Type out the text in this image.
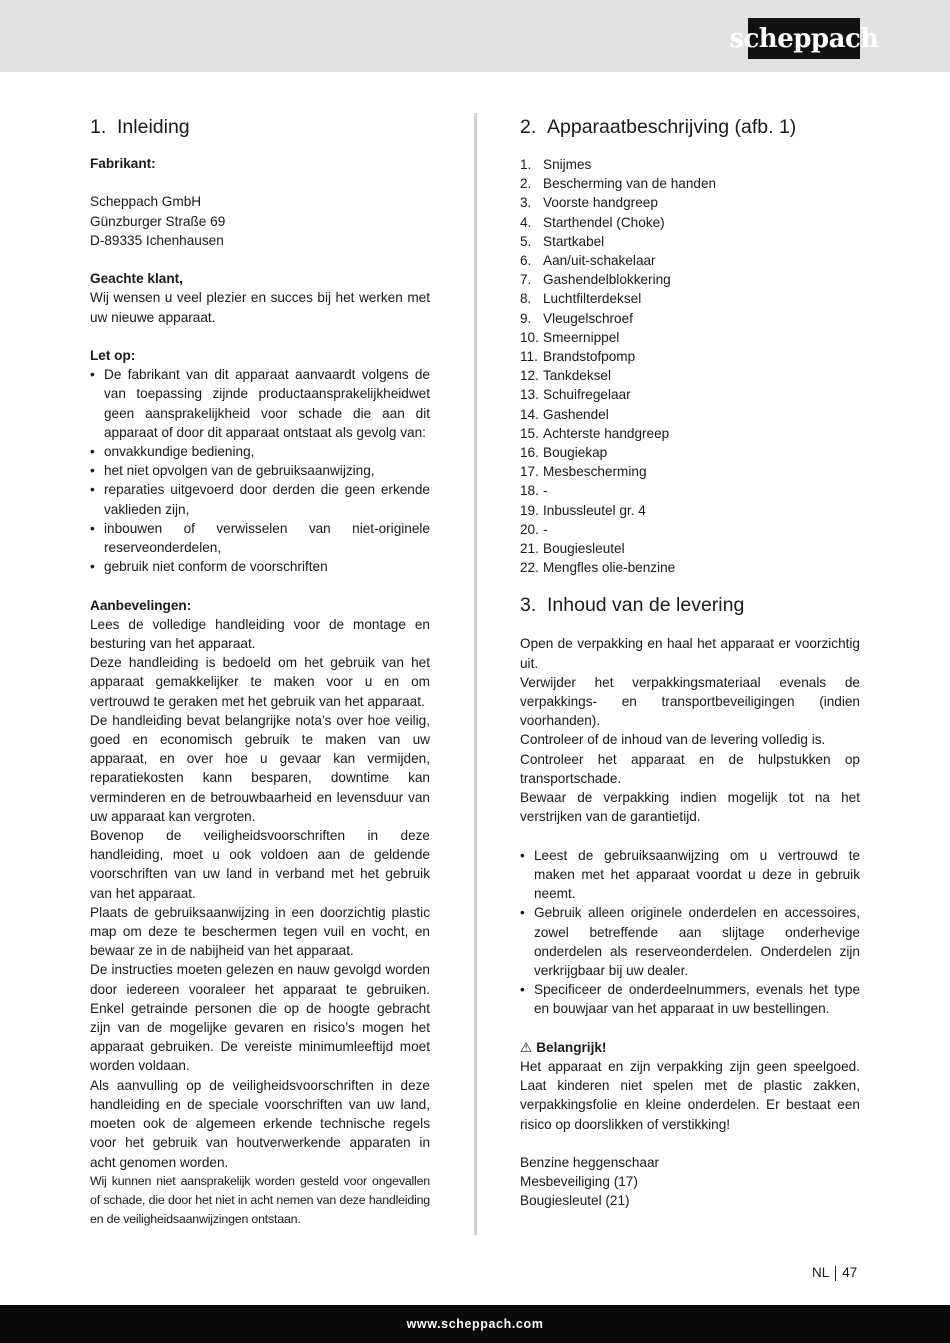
scheppach
1. Inleiding
Fabrikant:
Scheppach GmbH
Günzburger Straße 69
D-89335 Ichenhausen
Geachte klant,
Wij wensen u veel plezier en succes bij het werken met uw nieuwe apparaat.
Let op:
• De fabrikant van dit apparaat aanvaardt volgens de van toepassing zijnde productaansprakelijkheidwet geen aansprakelijkheid voor schade die aan dit apparaat of door dit apparaat ontstaat als gevolg van:
• onvakkundige bediening,
• het niet opvolgen van de gebruiksaanwijzing,
• reparaties uitgevoerd door derden die geen erkende vaklieden zijn,
• inbouwen of verwisselen van niet-originele reserveonderdelen,
• gebruik niet conform de voorschriften
Aanbevelingen:
Lees de volledige handleiding voor de montage en besturing van het apparaat.
Deze handleiding is bedoeld om het gebruik van het apparaat gemakkelijker te maken voor u en om vertrouwd te geraken met het gebruik van het apparaat.
De handleiding bevat belangrijke nota’s over hoe veilig, goed en economisch gebruik te maken van uw apparaat, en over hoe u gevaar kan vermijden, reparatiekosten kann besparen, downtime kan verminderen en de betrouwbaarheid en levensduur van uw apparaat kan vergroten.
Bovenop de veiligheidsvoorschriften in deze handleiding, moet u ook voldoen aan de geldende voorschriften van uw land in verband met het gebruik van het apparaat.
Plaats de gebruiksaanwijzing in een doorzichtig plastic map om deze te beschermen tegen vuil en vocht, en bewaar ze in de nabijheid van het apparaat.
De instructies moeten gelezen en nauw gevolgd worden door iedereen vooraleer het apparaat te gebruiken. Enkel getrainde personen die op de hoogte gebracht zijn van de mogelijke gevaren en risico’s mogen het apparaat gebruiken. De vereiste minimumleeftijd moet worden voldaan.
Als aanvulling op de veiligheidsvoorschriften in deze handleiding en de speciale voorschriften van uw land, moeten ook de algemeen erkende technische regels voor het gebruik van houtverwerkende apparaten in acht genomen worden.
Wij kunnen niet aansprakelijk worden gesteld voor ongevallen of schade, die door het niet in acht nemen van deze handleiding en de veiligheidsaanwijzingen ontstaan.
2. Apparaatbeschrijving (afb. 1)
1. Snijmes
2. Bescherming van de handen
3. Voorste handgreep
4. Starthendel (Choke)
5. Startkabel
6. Aan/uit-schakelaar
7. Gashendelblokkering
8. Luchtfilterdeksel
9. Vleugelschroef
10. Smeernippel
11. Brandstofpomp
12. Tankdeksel
13. Schuifregelaar
14. Gashendel
15. Achterste handgreep
16. Bougiekap
17. Mesbescherming
18. -
19. Inbussleutel gr. 4
20. -
21. Bougiesleutel
22. Mengfles olie-benzine
3. Inhoud van de levering
Open de verpakking en haal het apparaat er voorzichtig uit.
Verwijder het verpakkingsmateriaal evenals de verpakkings- en transportbeveiligingen (indien voorhanden).
Controleer of de inhoud van de levering volledig is.
Controleer het apparaat en de hulpstukken op transportschade.
Bewaar de verpakking indien mogelijk tot na het verstrijken van de garantietijd.
• Leest de gebruiksaanwijzing om u vertrouwd te maken met het apparaat voordat u deze in gebruik neemt.
• Gebruik alleen originele onderdelen en accessoires, zowel betreffende aan slijtage onderhevige onderdelen als reserveonderdelen. Onderdelen zijn verkrijgbaar bij uw dealer.
• Specificeer de onderdeelnummers, evenals het type en bouwjaar van het apparaat in uw bestellingen.
⚠ Belangrijk!
Het apparaat en zijn verpakking zijn geen speelgoed. Laat kinderen niet spelen met de plastic zakken, verpakkingsfolie en kleine onderdelen. Er bestaat een risico op doorslikken of verstikking!
Benzine heggenschaar
Mesbeveiliging (17)
Bougiesleutel (21)
NL 47
www.scheppach.com
